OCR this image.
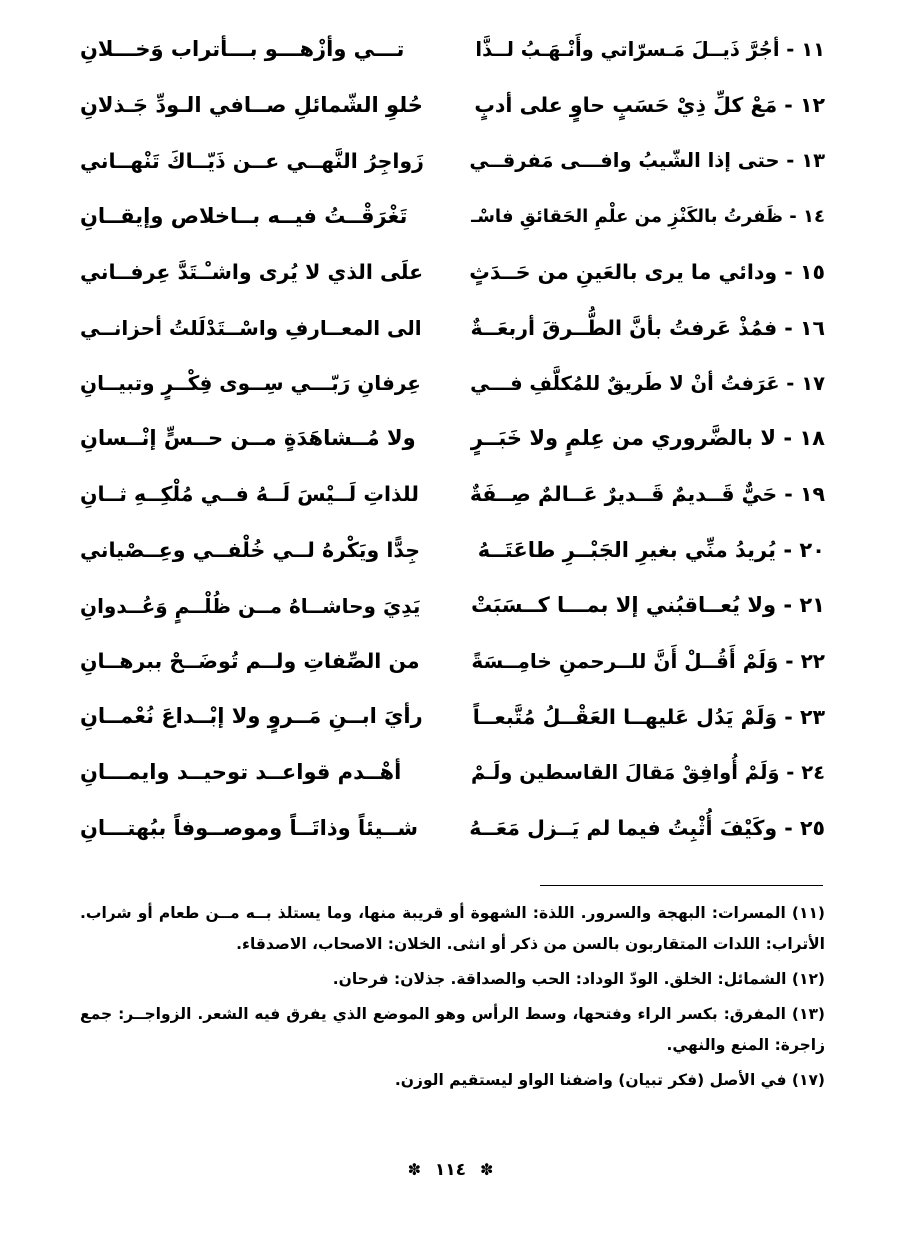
١١ - أجُرَّ ذَيــلَ مَـسرّاتي وأَنْـهَـبُ لــذَّا
تـــي وأزْهـــو بـــأتراب وَخـــلانِ
١٢ - مَعْ كلِّ ذِيْ حَسَبٍ حاوٍ على أدبٍ
حُلوِ الشّمائلِ صــافي الـودِّ جَـذلانِ
١٣ - حتى إذا الشّيبُ وافـــى مَفرقــي
زَواجِرُ النَّهــي عــن ذَيّــاكَ تَنْهــاني
١٤ - ظَفرتُ بالكَنْزِ من علْمِ الحَقائقِ فاسْـ
تَغْرَقْــتُ فيــه بــاخلاص وإيقــانِ
١٥ - ودائي ما يرى بالعَينِ من حَــدَثٍ
علَى الذي لا يُرى واشـْـتَدَّ عِرفــاني
١٦ - فمُذْ عَرفتُ بأنَّ الطُّــرقَ أربعَــةٌ
الى المعــارفِ واسْــتَدْلَلتُ أحزانــي
١٧ - عَرَفتُ أنْ لا طَريقٌ للمُكلَّفِ فـــي
عِرفانِ رَبّـــي سِــوى فِكْــرٍ وتبيــانِ
١٨ - لا بالضَّروري من عِلمٍ ولا خَبَــرٍ
ولا مُــشاهَدَةٍ مــن حــسٍّ إنْــسانِ
١٩ - حَيٌّ قَــديمٌ قَــديرٌ عَــالمٌ صِــفَةٌ
للذاتِ لَــيْسَ لَــهُ فــي مُلْكِــهِ ثــانِ
٢٠ - يُريدُ منِّي بغيرِ الجَبْــرِ طاعَتَــهُ
جِدًّا ويَكْرهُ لــي خُلْفــي وعِــصْياني
٢١ - ولا يُعــاقبُني إلا بمـــا كــسَبَتْ
يَدِيَ وحاشــاهُ مــن ظُلْــمٍ وَعُــدوانِ
٢٢ - وَلَمْ أَقُــلْ أَنَّ للــرحمنِ خامِــسَةً
من الصِّفاتِ ولــم تُوضَــحْ ببرهــانِ
٢٣ - وَلَمْ يَدُل عَليهــا العَقْــلُ مُتَّبعــاً
رأيَ ابــنِ مَــروٍ ولا إبْــداعَ نُعْمــانِ
٢٤ - وَلَمْ أُوافِقْ مَقالَ القاسطين ولَـمْ
أهْــدم قواعــد توحيــد وايمـــانِ
٢٥ - وكَيْفَ أُثْبِتُ فيما لم يَــزل مَعَــهُ
شــيئاً وذاتَــاً وموصــوفاً ببُهتـــانِ

(١١) المسرات: البهجة والسرور. اللذة: الشهوة أو قريبة منها، وما يستلذ بــه مــن طعام أو شراب. الأتراب: اللدات المتقاربون بالسن من ذكر أو انثى. الخلان: الاصحاب، الاصدقاء.

(١٢) الشمائل: الخلق. الودّ الوداد: الحب والصداقة. جذلان: فرحان.

(١٣) المفرق: بكسر الراء وفتحها، وسط الرأس وهو الموضع الذي يفرق فيه الشعر. الزواجــر: جمع زاجرة: المنع والنهي.

(١٧) في الأصل (فكر تبيان) واضفنا الواو ليستقيم الوزن.

✽ ١١٤ ✽
